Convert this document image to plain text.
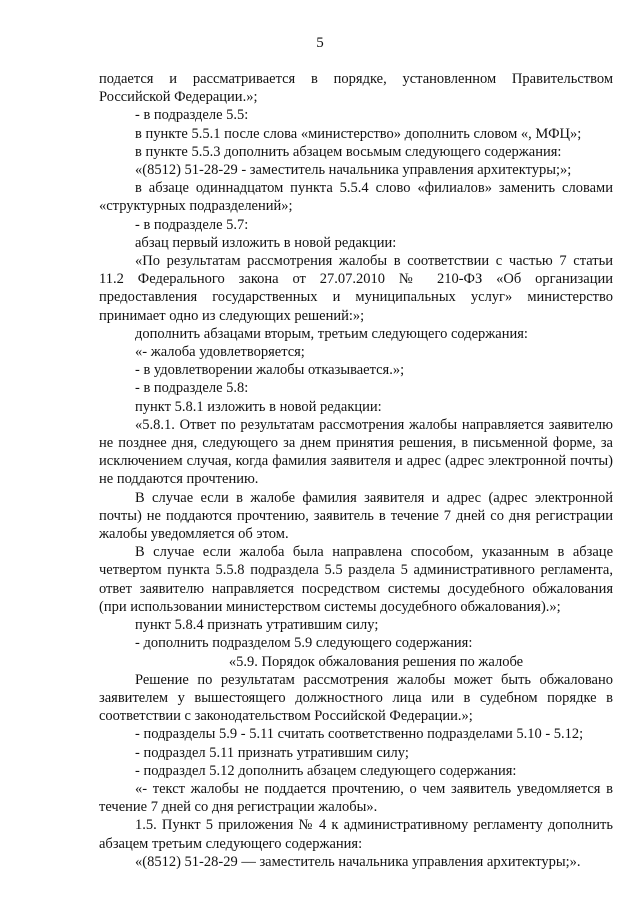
5

подается и рассматривается в порядке, установленном Правительством Российской Федерации.»;

- в подразделе 5.5:

в пункте 5.5.1 после слова «министерство» дополнить словом «, МФЦ»;

в пункте 5.5.3 дополнить абзацем восьмым следующего содержания:

«(8512) 51-28-29 - заместитель начальника управления архитектуры;»;

в абзаце одиннадцатом пункта 5.5.4 слово «филиалов» заменить словами «структурных подразделений»;

- в подразделе 5.7:

абзац первый изложить в новой редакции:

«По результатам рассмотрения жалобы в соответствии с частью 7 статьи 11.2 Федерального закона от 27.07.2010 № 210-ФЗ «Об организации предоставления государственных и муниципальных услуг» министерство принимает одно из следующих решений:»;

дополнить абзацами вторым, третьим следующего содержания:

«- жалоба удовлетворяется;

- в удовлетворении жалобы отказывается.»;

- в подразделе 5.8:

пункт 5.8.1 изложить в новой редакции:

«5.8.1. Ответ по результатам рассмотрения жалобы направляется заявителю не позднее дня, следующего за днем принятия решения, в письменной форме, за исключением случая, когда фамилия заявителя и адрес (адрес электронной почты) не поддаются прочтению.

В случае если в жалобе фамилия заявителя и адрес (адрес электронной почты) не поддаются прочтению, заявитель в течение 7 дней со дня регистрации жалобы уведомляется об этом.

В случае если жалоба была направлена способом, указанным в абзаце четвертом пункта 5.5.8 подраздела 5.5 раздела 5 административного регламента, ответ заявителю направляется посредством системы досудебного обжалования (при использовании министерством системы досудебного обжалования).»;

пункт 5.8.4 признать утратившим силу;

- дополнить подразделом 5.9 следующего содержания:

«5.9. Порядок обжалования решения по жалобе

Решение по результатам рассмотрения жалобы может быть обжаловано заявителем у вышестоящего должностного лица или в судебном порядке в соответствии с законодательством Российской Федерации.»;

- подразделы 5.9 - 5.11 считать соответственно подразделами 5.10 - 5.12;

- подраздел 5.11 признать утратившим силу;

- подраздел 5.12 дополнить абзацем следующего содержания:

«- текст жалобы не поддается прочтению, о чем заявитель уведомляется в течение 7 дней со дня регистрации жалобы».

1.5. Пункт 5 приложения № 4 к административному регламенту дополнить абзацем третьим следующего содержания:

«(8512) 51-28-29 — заместитель начальника управления архитектуры;».
